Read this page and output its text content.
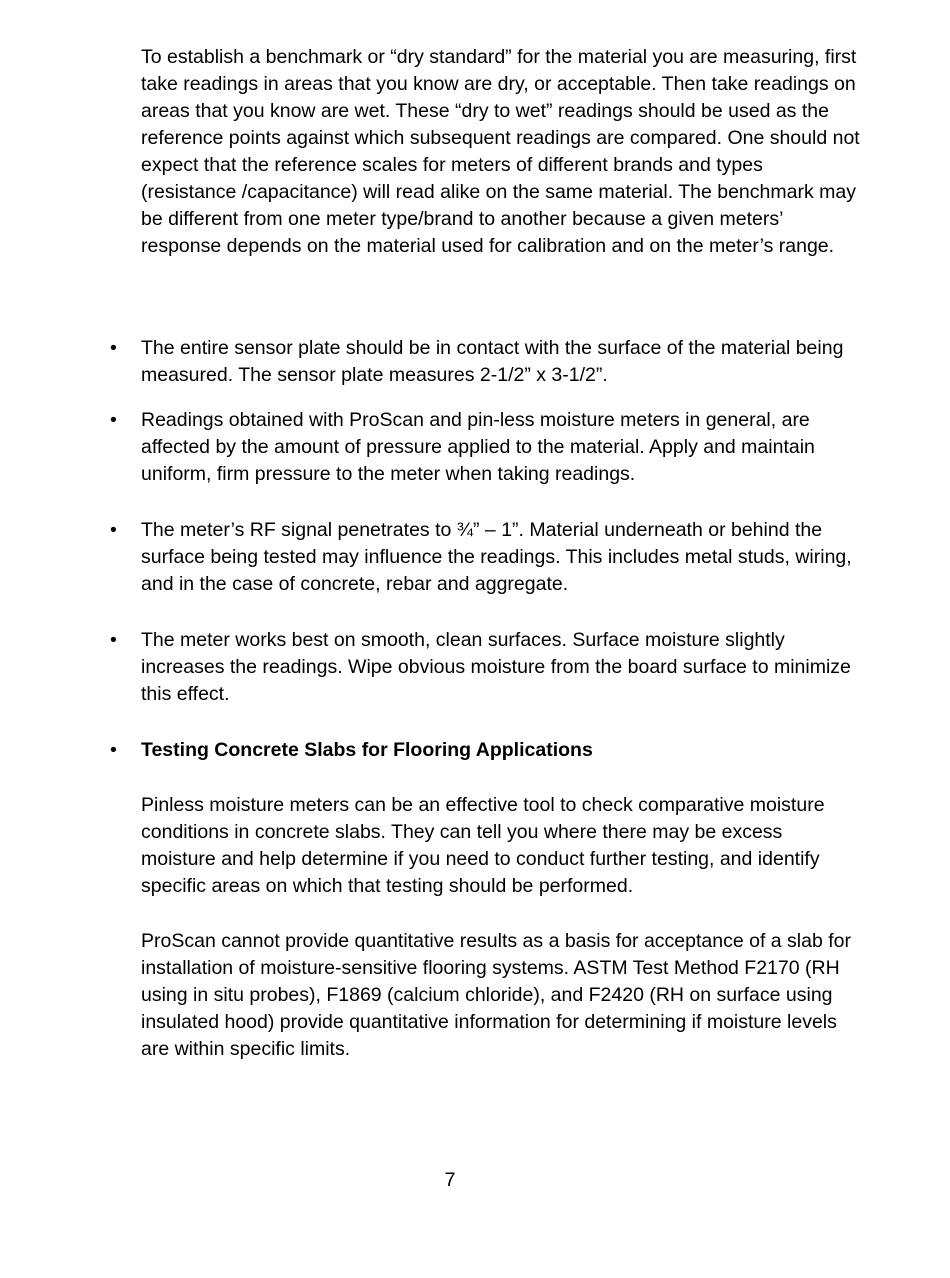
To establish a benchmark or “dry standard” for the material you are measuring, first take readings in areas that you know are dry, or acceptable. Then take readings on areas that you know are wet. These “dry to wet” readings should be used as the reference points against which subsequent readings are compared. One should not expect that the reference scales for meters of different brands and types (resistance /capacitance) will read alike on the same material. The benchmark may be different from one meter type/brand to another because a given meters’ response depends on the material used for calibration and on the meter’s range.

• The entire sensor plate should be in contact with the surface of the material being measured. The sensor plate measures 2-1/2” x 3-1/2”.

• Readings obtained with ProScan and pin-less moisture meters in general, are affected by the amount of pressure applied to the material. Apply and maintain uniform, firm pressure to the meter when taking readings.

• The meter’s RF signal penetrates to ¾” – 1”. Material underneath or behind the surface being tested may influence the readings. This includes metal studs, wiring, and in the case of concrete, rebar and aggregate.

• The meter works best on smooth, clean surfaces. Surface moisture slightly increases the readings. Wipe obvious moisture from the board surface to minimize this effect.

• Testing Concrete Slabs for Flooring Applications

Pinless moisture meters can be an effective tool to check comparative moisture conditions in concrete slabs. They can tell you where there may be excess moisture and help determine if you need to conduct further testing, and identify specific areas on which that testing should be performed.

ProScan cannot provide quantitative results as a basis for acceptance of a slab for installation of moisture-sensitive flooring systems. ASTM Test Method F2170 (RH using in situ probes), F1869 (calcium chloride), and F2420 (RH on surface using insulated hood) provide quantitative information for determining if moisture levels are within specific limits.

7
